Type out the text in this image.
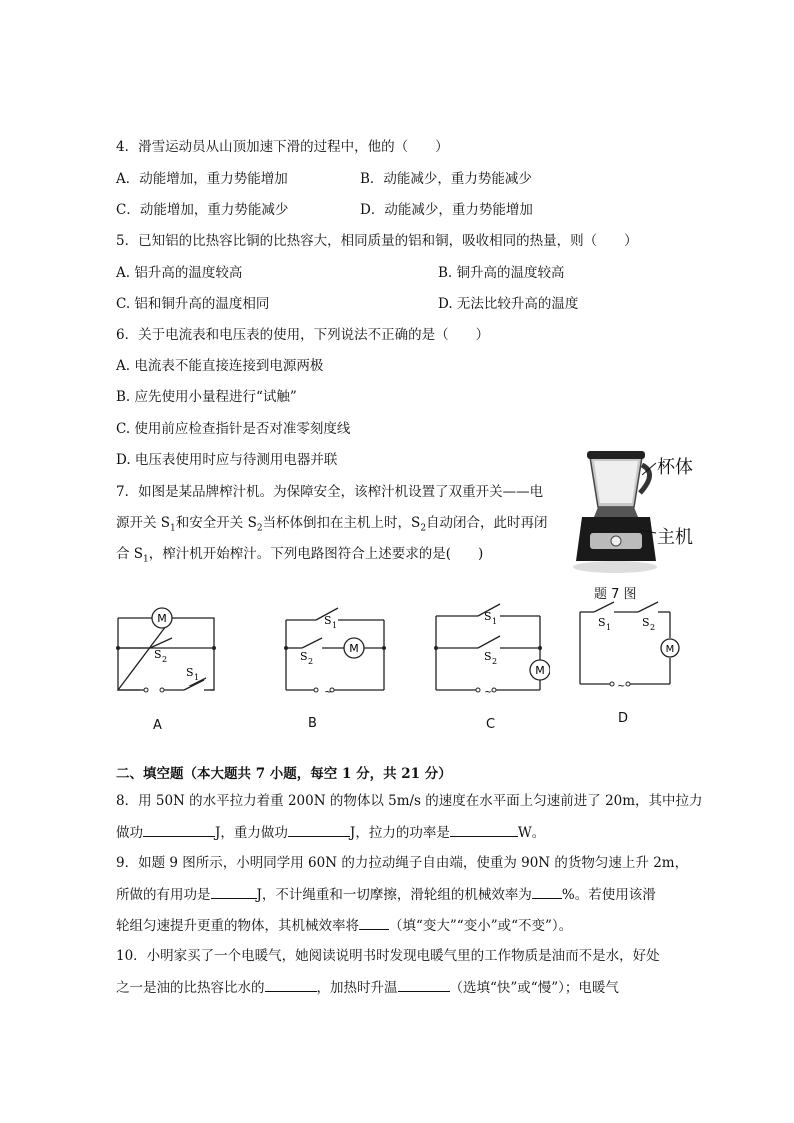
4．滑雪运动员从山顶加速下滑的过程中，他的（　　）
A．动能增加，重力势能增加	B．动能减少，重力势能减少
C．动能增加，重力势能减少	D．动能减少，重力势能增加
5．已知铝的比热容比铜的比热容大，相同质量的铝和铜，吸收相同的热量，则（　　）
A. 铝升高的温度较高	B. 铜升高的温度较高
C. 铝和铜升高的温度相同	D. 无法比较升高的温度
6．关于电流表和电压表的使用，下列说法不正确的是（　　）
A. 电流表不能直接连接到电源两极
B. 应先使用小量程进行“试触”
C. 使用前应检查指针是否对准零刻度线
D. 电压表使用时应与待测用电器并联
7．如图是某品牌榨汁机。为保障安全，该榨汁机设置了双重开关——电
源开关 $S_1$和安全开关 $S_2$当杯体倒扣在主机上时，$S_2$自动闭合，此时再闭
合 $S_1$，榨汁机开始榨汁。下列电路图符合上述要求的是(　　)
杯体
主机
题 7 图
M
S 2
S 1
A
M
S 1
S 2
~
B
M
S 1
S 2
~
C
M
S 1	S 2
~
D
二、填空题（本大题共 7 小题，每空 1 分，共 21 分）
8．用 50N 的水平拉力着重 200N 的物体以 5m/s 的速度在水平面上匀速前进了 20m，其中拉力
做功	J，重力做功	J，拉力的功率是	W。
9．如题 9 图所示，小明同学用 60N 的力拉动绳子自由端，使重为 90N 的货物匀速上升 2m，
所做的有用功是	J，不计绳重和一切摩擦，滑轮组的机械效率为 %。若使用该滑
轮组匀速提升更重的物体，其机械效率将 （填“变大”“变小”或“不变”）。
10．小明家买了一个电暖气，她阅读说明书时发现电暖气里的工作物质是油而不是水，好处
之一是油的比热容比水的	，加热时升温	（选填“快”或“慢”）；电暖气
